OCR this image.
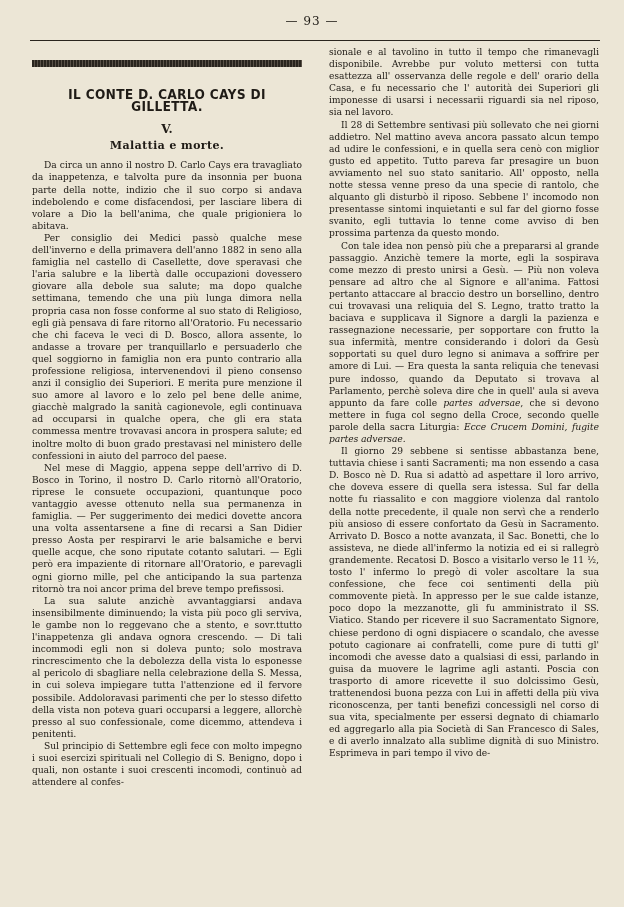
— 93 —
IL CONTE D. CARLO CAYS DI GILLETTA.
V.
Malattia e morte.

Da circa un anno il nostro D. Carlo Cays era travagliato da inappetenza, e talvolta pure da insonnia per buona parte della notte, indizio che il suo corpo si andava indebolendo e come disfacendosi, per lasciare libera di volare a Dio la bell'anima, che quale prigioniera lo abitava.

Per consiglio dei Medici passò qualche mese dell'inverno e della primavera dell'anno 1882 in seno alla famiglia nel castello di Casellette, dove speravasi che l'aria salubre e la libertà dalle occupazioni dovessero giovare alla debole sua salute; ma dopo qualche settimana, temendo che una più lunga dimora nella propria casa non fosse conforme al suo stato di Religioso, egli già pensava di fare ritorno all'Oratorio. Fu necessario che chi faceva le veci di D. Bosco, allora assente, lo andasse a trovare per tranquillarlo e persuaderlo che quel soggiorno in famiglia non era punto contrario alla professione religiosa, intervenendovi il pieno consenso anzi il consiglio dei Superiori. E merita pure menzione il suo amore al lavoro e lo zelo pel bene delle anime, giacchè malgrado la sanità cagionevole, egli continuava ad occuparsi in qualche opera, che gli era stata commessa mentre trovavasi ancora in prospera salute; ed inoltre molto di buon grado prestavasi nel ministero delle confessioni in aiuto del parroco del paese.

Nel mese di Maggio, appena seppe dell'arrivo di D. Bosco in Torino, il nostro D. Carlo ritornò all'Oratorio, riprese le consuete occupazioni, quantunque poco vantaggio avesse ottenuto nella sua permanenza in famiglia. — Per suggerimento dei medici dovette ancora una volta assentarsene a fine di recarsi a San Didier presso Aosta per respirarvi le arie balsamiche e bervi quelle acque, che sono riputate cotanto salutari. — Egli però era impaziente di ritornare all'Oratorio, e parevagli ogni giorno mille, pel che anticipando la sua partenza ritornò tra noi ancor prima del breve tempo prefissosi.

La sua salute anzichè avvantaggiarsi andava insensibilmente diminuendo; la vista più poco gli serviva, le gambe non lo reggevano che a stento, e sovr.ttutto l'inappetenza gli andava ognora crescendo. — Di tali incommodi egli non si doleva punto; solo mostrava rincrescimento che la debolezza della vista lo esponesse al pericolo di sbagliare nella celebrazione della S. Messa, in cui soleva impiegare tutta l'attenzione ed il fervore possibile. Addoloravasi parimenti che per lo stesso difetto della vista non poteva guari occuparsi a leggere, allorchè presso al suo confessionale, come dicemmo, attendeva i penitenti.

Sul principio di Settembre egli fece con molto impegno i suoi esercizi spirituali nel Collegio di S. Benigno, dopo i quali, non ostante i suoi crescenti incomodi, continuò ad attendere al confes-

sionale e al tavolino in tutto il tempo che rimanevagli disponibile. Avrebbe pur voluto mettersi con tutta esattezza all' osservanza delle regole e dell' orario della Casa, e fu necessario che l' autorità dei Superiori gli imponesse di usarsi i necessarii riguardi sia nel riposo, sia nel lavoro.

Il 28 di Settembre sentivasi più sollevato che nei giorni addietro. Nel mattino aveva ancora passato alcun tempo ad udire le confessioni, e in quella sera cenò con miglior gusto ed appetito. Tutto pareva far presagire un buon avviamento nel suo stato sanitario. All' opposto, nella notte stessa venne preso da una specie di rantolo, che alquanto gli disturbò il riposo. Sebbene l' incomodo non presentasse sintomi inquietanti e sul far del giorno fosse svanito, egli tuttavia lo tenne come avviso di ben prossima partenza da questo mondo.

Con tale idea non pensò più che a prepararsi al grande passaggio. Anzichè temere la morte, egli la sospirava come mezzo di presto unirsi a Gesù. — Più non voleva pensare ad altro che al Signore e all'anima. Fattosi pertanto attaccare al braccio destro un borsellino, dentro cui trovavasi una reliquia del S. Legno, tratto tratto la baciava e supplicava il Signore a dargli la pazienza e rassegnazione necessarie, per sopportare con frutto la sua infermità, mentre considerando i dolori da Gesù sopportati su quel duro legno si animava a soffrire per amore di Lui. — Era questa la santa reliquia che tenevasi pure indosso, quando da Deputato si trovava al Parlamento, perchè soleva dire che in quell' aula si aveva appunto da fare colle partes adversae, che si devono mettere in fuga col segno della Croce, secondo quelle parole della sacra Liturgia: Ecce Crucem Domini, fugite partes adversae.

Il giorno 29 sebbene si sentisse abbastanza bene, tuttavia chiese i santi Sacramenti; ma non essendo a casa D. Bosco nè D. Rua si adattò ad aspettare il loro arrivo, che doveva essere di quella sera istessa. Sul far della notte fu riassalito e con maggiore violenza dal rantolo della notte precedente, il quale non servì che a renderlo più ansioso di essere confortato da Gesù in Sacramento. Arrivato D. Bosco a notte avanzata, il Sac. Bonetti, che lo assisteva, ne diede all'infermo la notizia ed ei si rallegrò grandemente. Recatosi D. Bosco a visitarlo verso le 11 ½, tosto l' infermo lo pregò di voler ascoltare la sua confessione, che fece coi sentimenti della più commovente pietà. In appresso per le sue calde istanze, poco dopo la mezzanotte, gli fu amministrato il SS. Viatico. Stando per ricevere il suo Sacramentato Signore, chiese perdono di ogni dispiacere o scandalo, che avesse potuto cagionare ai confratelli, come pure di tutti gl' incomodi che avesse dato a qualsiasi di essi, parlando in guisa da muovere le lagrime agli astanti. Poscia con trasporto di amore ricevette il suo dolcissimo Gesù, trattenendosi buona pezza con Lui in affetti della più viva riconoscenza, per tanti benefizi concessigli nel corso di sua vita, specialmente per essersi degnato di chiamarlo ed aggregarlo alla pia Società di San Francesco di Sales, e di averlo innalzato alla sublime dignità di suo Ministro. Esprimeva in pari tempo il vivo de-
